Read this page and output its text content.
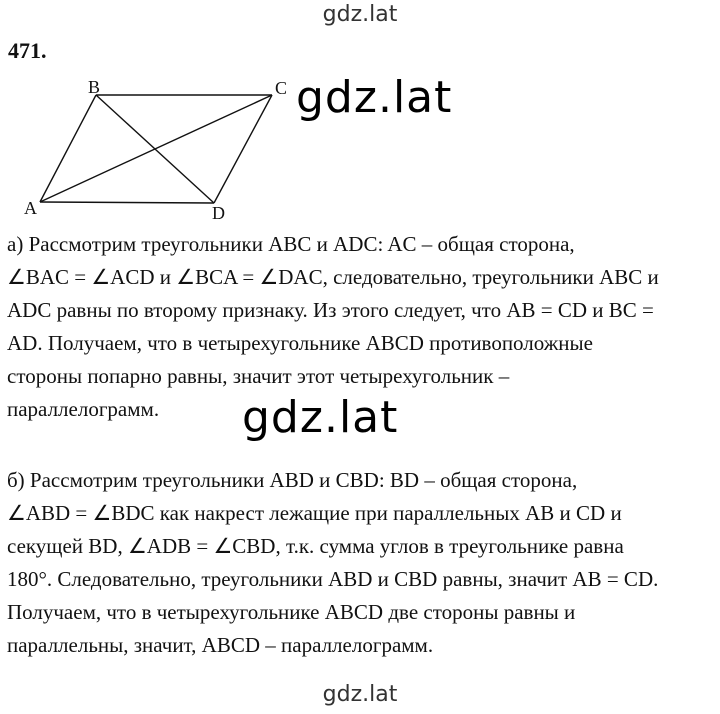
gdz.lat
471.
B	C
A	D
gdz.lat
а) Рассмотрим треугольники ABC и ADC: AC – общая сторона,
∠BAC = ∠ACD и ∠BCA = ∠DAC, следовательно, треугольники ABC и
ADC равны по второму признаку. Из этого следует, что AB = CD и BC =
AD. Получаем, что в четырехугольнике ABCD противоположные
стороны попарно равны, значит этот четырехугольник –
параллелограмм.	gdz.lat
б) Рассмотрим треугольники ABD и CBD: BD – общая сторона,
∠ABD = ∠BDC как накрест лежащие при параллельных AB и CD и
секущей BD, ∠ADB = ∠CBD, т.к. сумма углов в треугольнике равна
180°. Следовательно, треугольники ABD и CBD равны, значит AB = CD.
Получаем, что в четырехугольнике ABCD две стороны равны и
параллельны, значит, ABCD – параллелограмм.
gdz.lat
